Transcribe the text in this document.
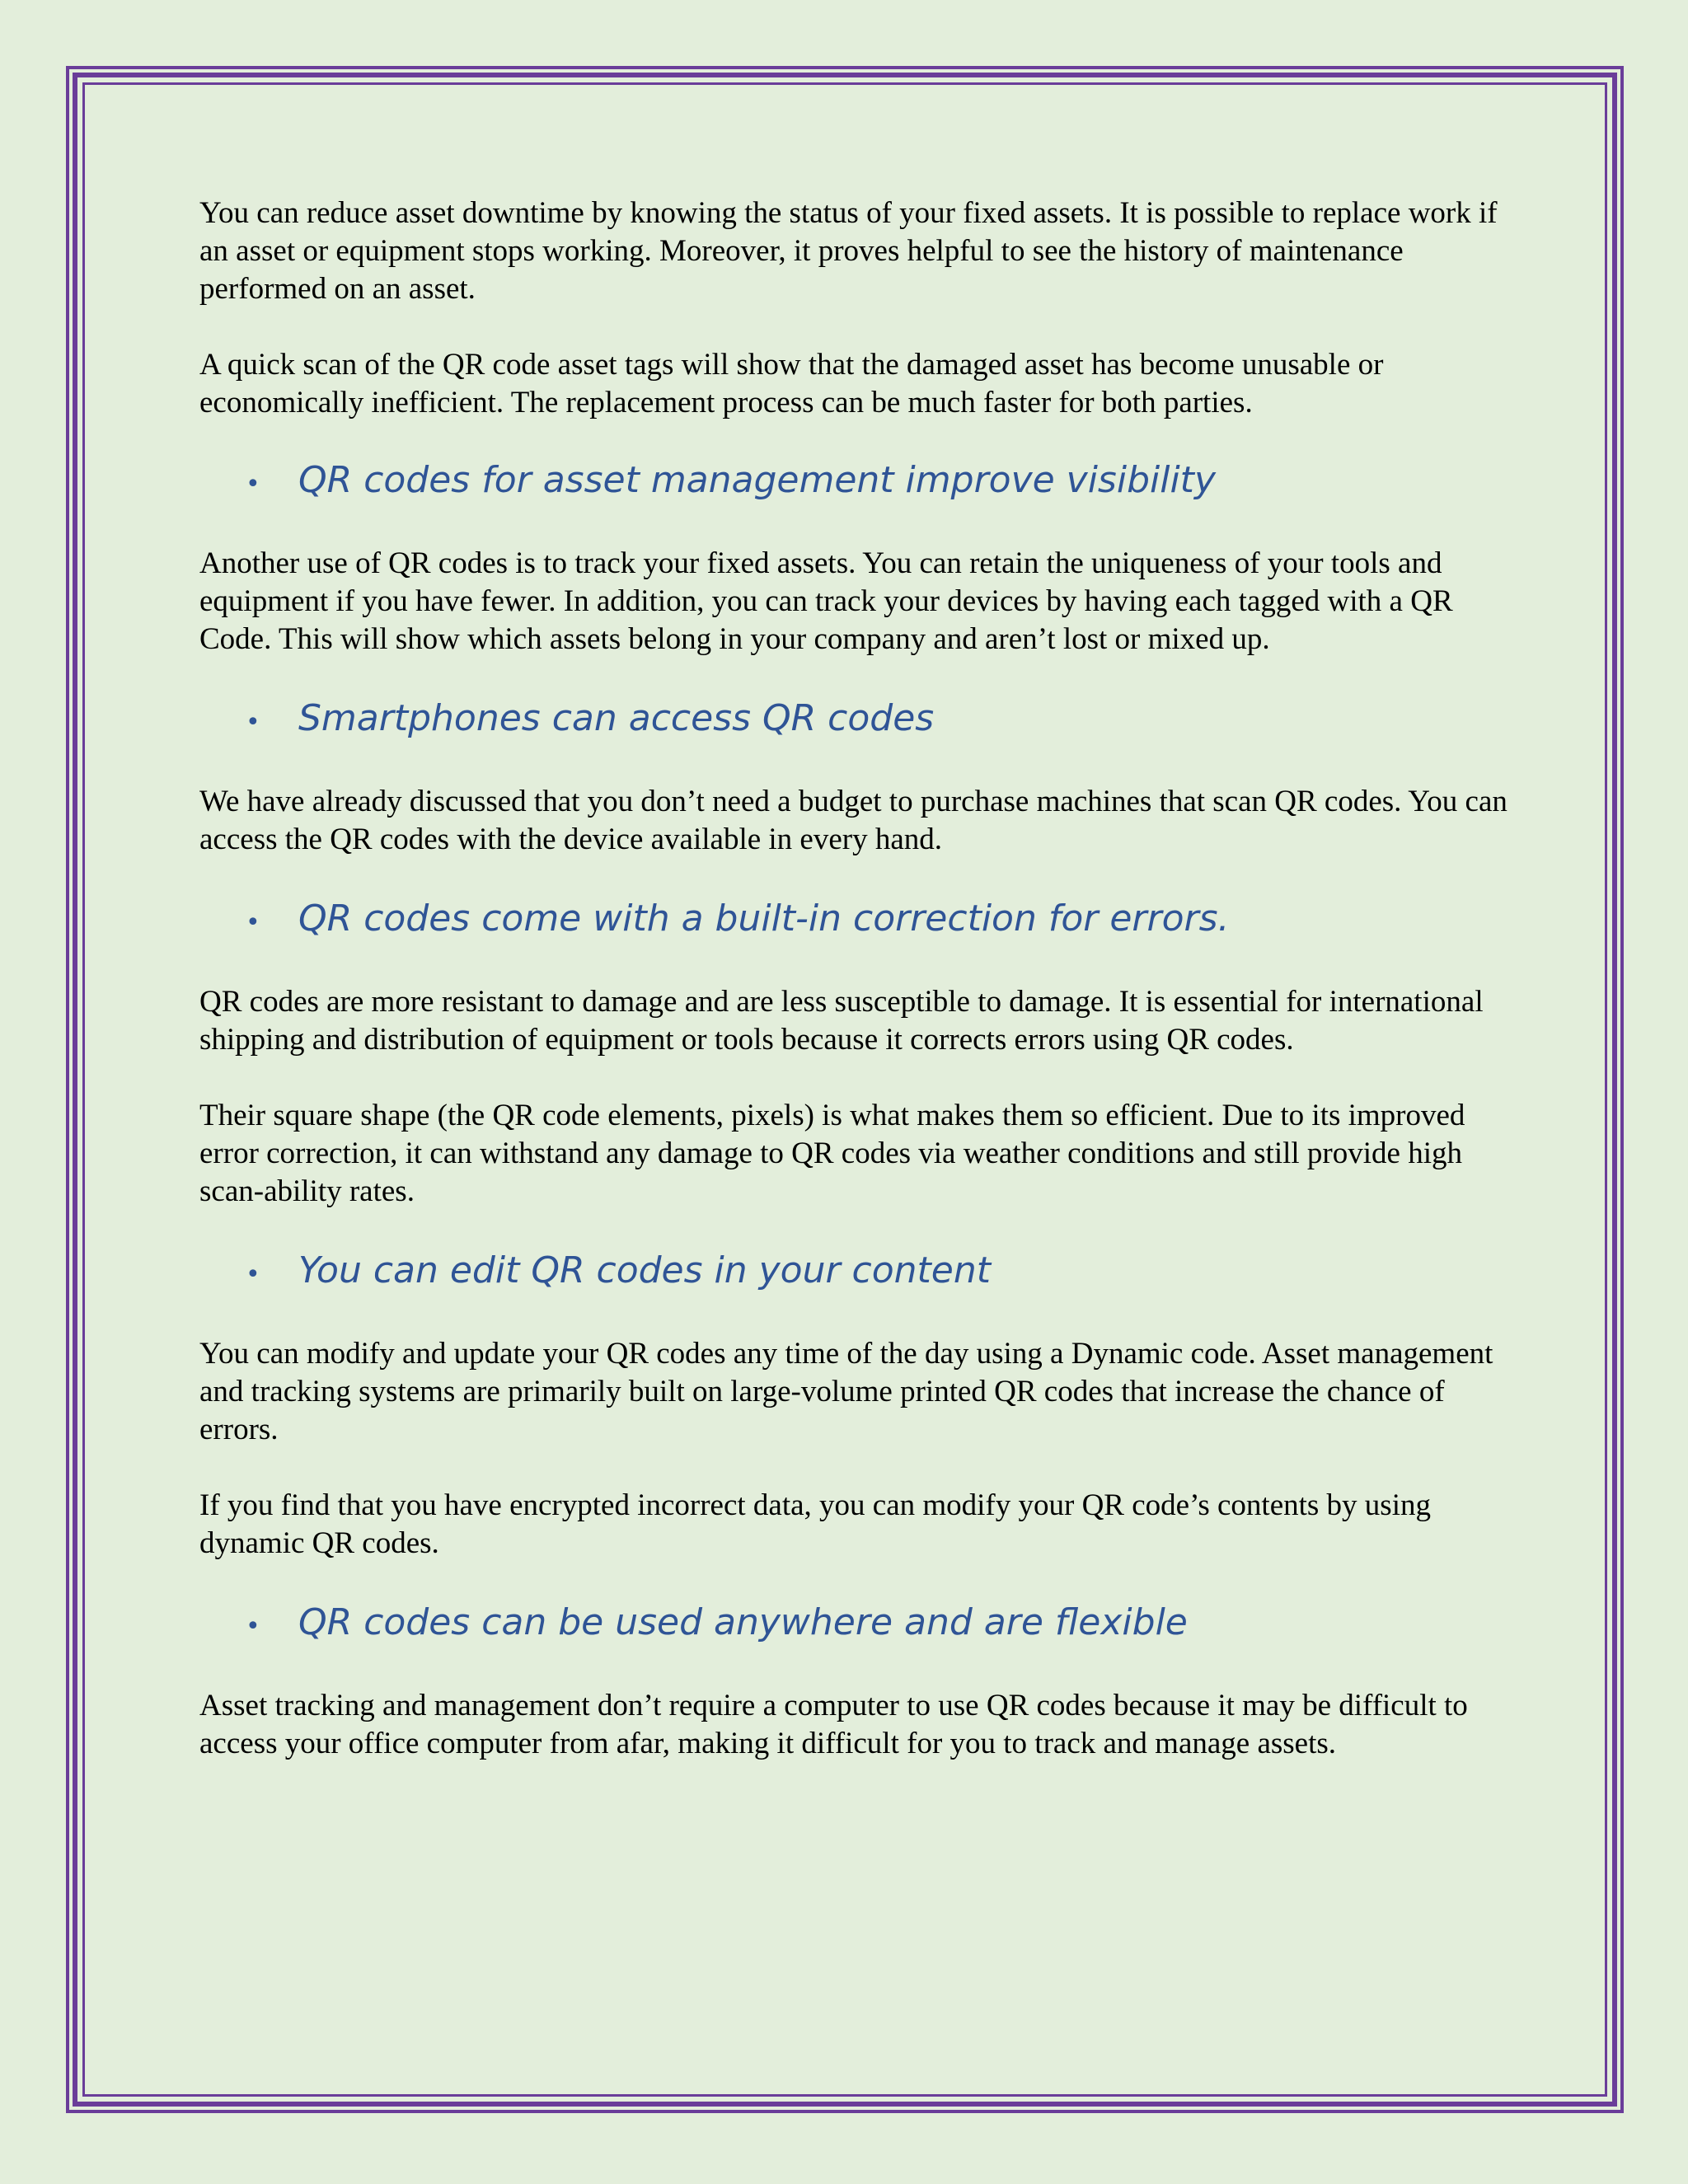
You can reduce asset downtime by knowing the status of your fixed assets. It is possible to replace work if an asset or equipment stops working. Moreover, it proves helpful to see the history of maintenance performed on an asset.

A quick scan of the QR code asset tags will show that the damaged asset has become unusable or economically inefficient. The replacement process can be much faster for both parties.

•	QR codes for asset management improve visibility

Another use of QR codes is to track your fixed assets. You can retain the uniqueness of your tools and equipment if you have fewer. In addition, you can track your devices by having each tagged with a QR Code. This will show which assets belong in your company and aren’t lost or mixed up.

•	Smartphones can access QR codes

We have already discussed that you don’t need a budget to purchase machines that scan QR codes. You can access the QR codes with the device available in every hand.

•	QR codes come with a built-in correction for errors.

QR codes are more resistant to damage and are less susceptible to damage. It is essential for international shipping and distribution of equipment or tools because it corrects errors using QR codes.

Their square shape (the QR code elements, pixels) is what makes them so efficient. Due to its improved error correction, it can withstand any damage to QR codes via weather conditions and still provide high scan-ability rates.

•	You can edit QR codes in your content

You can modify and update your QR codes any time of the day using a Dynamic code. Asset management and tracking systems are primarily built on large-volume printed QR codes that increase the chance of errors.

If you find that you have encrypted incorrect data, you can modify your QR code’s contents by using dynamic QR codes.

•	QR codes can be used anywhere and are flexible

Asset tracking and management don’t require a computer to use QR codes because it may be difficult to access your office computer from afar, making it difficult for you to track and manage assets.
